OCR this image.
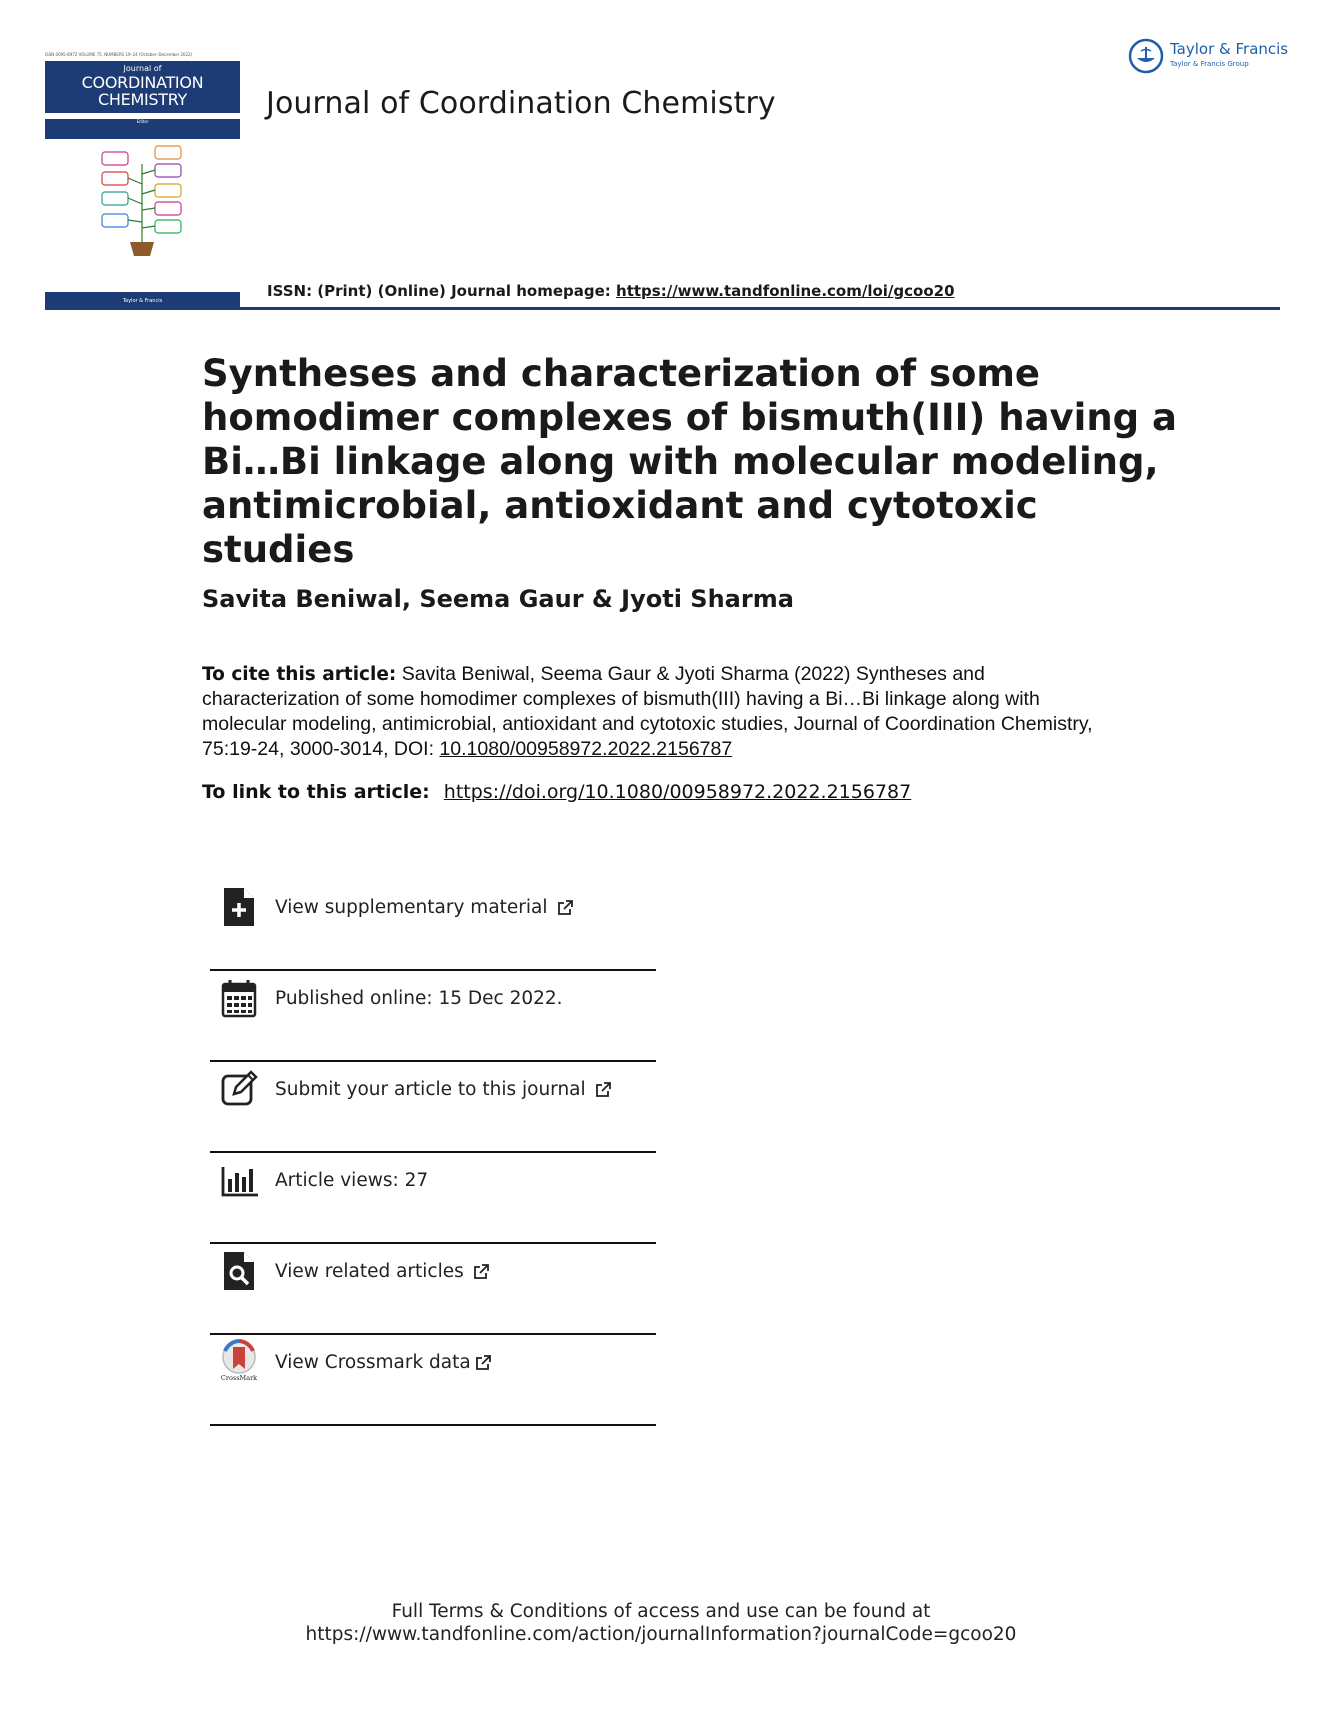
ISSN 0095-8972 VOLUME 75, NUMBERS 19–24 (October–December 2022)
Journal of
COORDINATION
CHEMISTRY
Editor
Taylor & Francis
Journal of Coordination Chemistry
Taylor & Francis
Taylor & Francis Group
ISSN: (Print) (Online) Journal homepage: https://www.tandfonline.com/loi/gcoo20
Syntheses and characterization of some homodimer complexes of bismuth(III) having a Bi…Bi linkage along with molecular modeling, antimicrobial, antioxidant and cytotoxic studies
Savita Beniwal, Seema Gaur & Jyoti Sharma
To cite this article: Savita Beniwal, Seema Gaur & Jyoti Sharma (2022) Syntheses and characterization of some homodimer complexes of bismuth(III) having a Bi…Bi linkage along with molecular modeling, antimicrobial, antioxidant and cytotoxic studies, Journal of Coordination Chemistry, 75:19-24, 3000-3014, DOI: 10.1080/00958972.2022.2156787
To link to this article: https://doi.org/10.1080/00958972.2022.2156787
View supplementary material
Published online: 15 Dec 2022.
Submit your article to this journal
Article views: 27
View related articles
CrossMark
View Crossmark data
Full Terms & Conditions of access and use can be found at
https://www.tandfonline.com/action/journalInformation?journalCode=gcoo20
